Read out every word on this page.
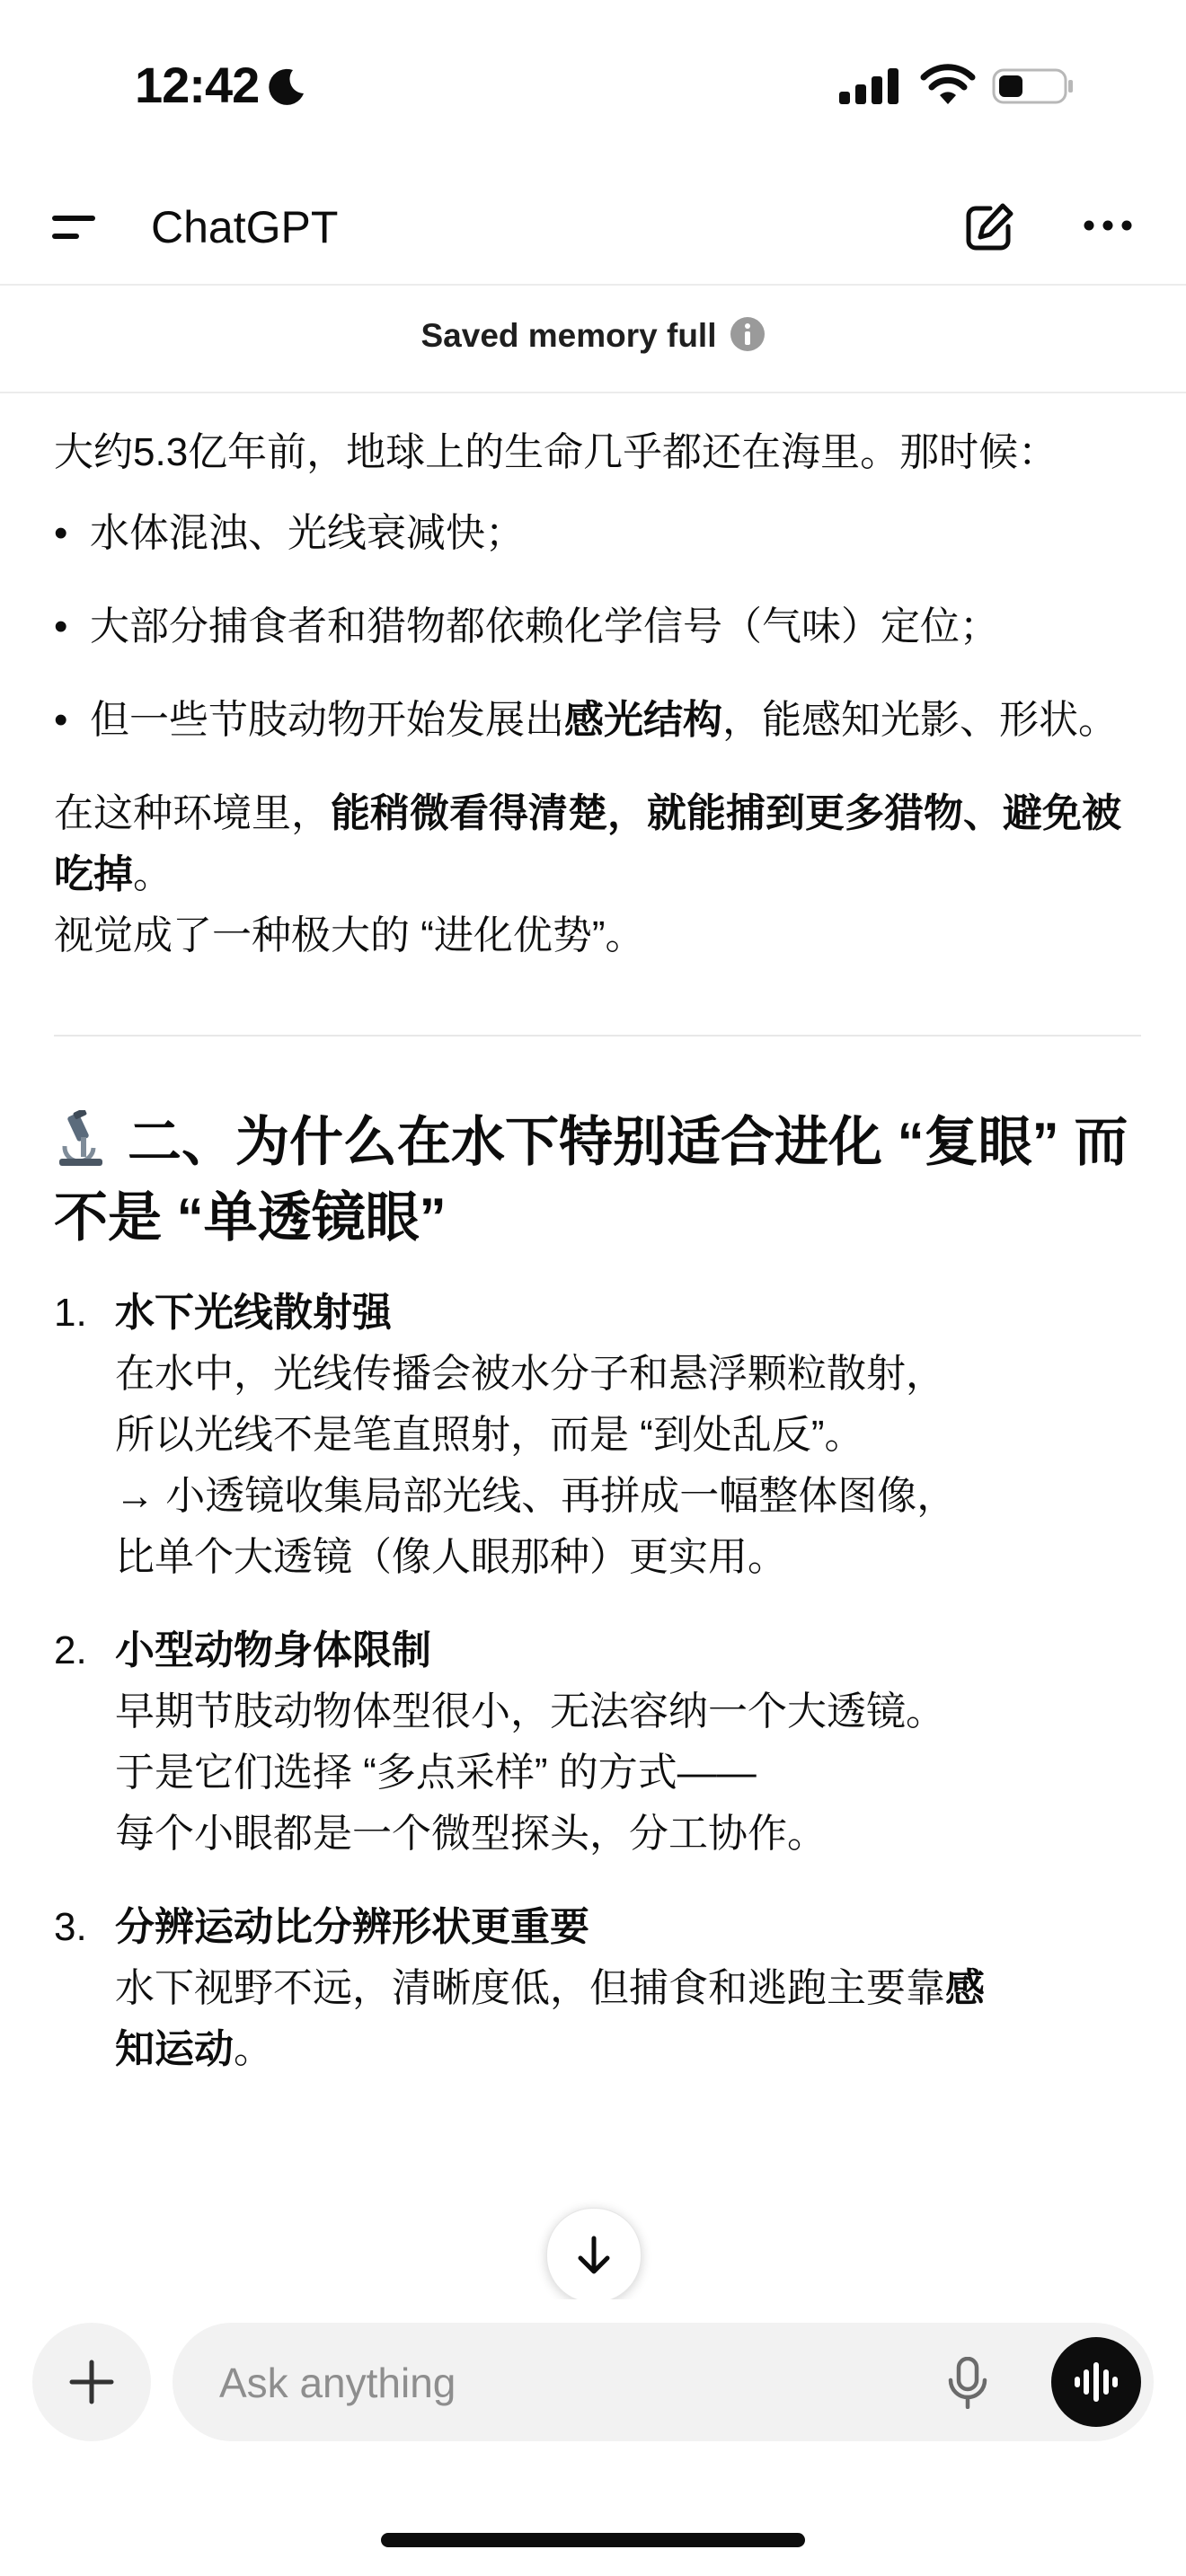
12:42
ChatGPT
Saved memory full

大约5.3亿年前，地球上的生命几乎都还在海里。那时候：

• 水体混浊、光线衰减快；
• 大部分捕食者和猎物都依赖化学信号（气味）定位；
• 但一些节肢动物开始发展出感光结构，能感知光影、形状。

在这种环境里，能稍微看得清楚，就能捕到更多猎物、避免被吃掉。

视觉成了一种极大的 “进化优势”。

二、为什么在水下特别适合进化 “复眼” 而不是 “单透镜眼”
1. 水下光线散射强
在水中，光线传播会被水分子和悬浮颗粒散射，
所以光线不是笔直照射，而是 “到处乱反”。
→ 小透镜收集局部光线、再拼成一幅整体图像，
比单个大透镜（像人眼那种）更实用。
2. 小型动物身体限制
早期节肢动物体型很小，无法容纳一个大透镜。
于是它们选择 “多点采样” 的方式——
每个小眼都是一个微型探头，分工协作。
3. 分辨运动比分辨形状更重要
水下视野不远，清晰度低，但捕食和逃跑主要靠感
知运动。
Ask anything
